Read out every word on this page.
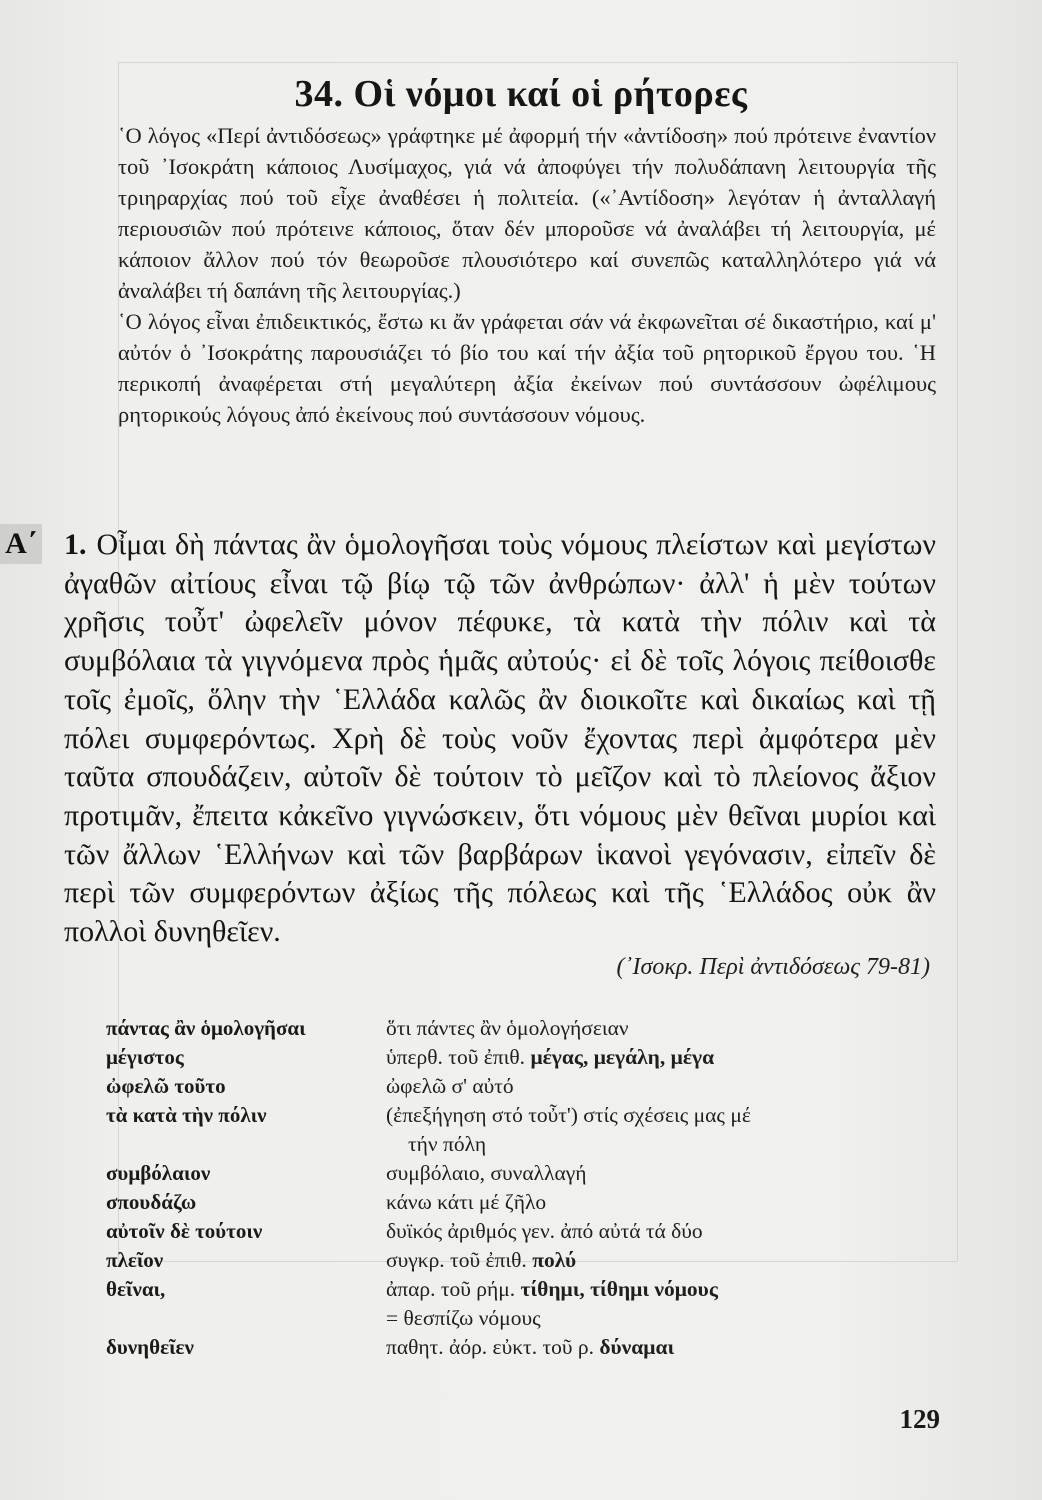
34. Οἱ νόμοι καί οἱ ρήτορες

῾Ο λόγος «Περί ἀντιδόσεως» γράφτηκε μέ ἀφορμή τήν «ἀντίδοση» πού πρότεινε ἐναντίον τοῦ ᾿Ισοκράτη κάποιος Λυσίμαχος, γιά νά ἀποφύγει τήν πολυδάπανη λειτουργία τῆς τριηραρχίας πού τοῦ εἶχε ἀναθέσει ἡ πολιτεία. («᾿Αντίδοση» λεγόταν ἡ ἀνταλλαγή περιουσιῶν πού πρότεινε κάποιος, ὅταν δέν μποροῦσε νά ἀναλάβει τή λειτουργία, μέ κάποιον ἄλλον πού τόν θεωροῦσε πλουσιότερο καί συνεπῶς καταλληλότερο γιά νά ἀναλάβει τή δαπάνη τῆς λειτουργίας.)

῾Ο λόγος εἶναι ἐπιδεικτικός, ἔστω κι ἄν γράφεται σάν νά ἐκφωνεῖται σέ δικαστήριο, καί μ' αὐτόν ὁ ᾿Ισοκράτης παρουσιάζει τό βίο του καί τήν ἀξία τοῦ ρητορικοῦ ἔργου του. ῾Η περικοπή ἀναφέρεται στή μεγαλύτερη ἀξία ἐκείνων πού συντάσσουν ὠφέλιμους ρητορικούς λόγους ἀπό ἐκείνους πού συντάσσουν νόμους.

Α΄ 1. Οἶμαι δὴ πάντας ἂν ὁμολογῆσαι τοὺς νόμους πλείστων καὶ μεγίστων ἀγαθῶν αἰτίους εἶναι τῷ βίῳ τῷ τῶν ἀνθρώπων· ἀλλ' ἡ μὲν τούτων χρῆσις τοὖτ' ὠφελεῖν μόνον πέφυκε, τὰ κατὰ τὴν πόλιν καὶ τὰ συμβόλαια τὰ γιγνόμενα πρὸς ἡμᾶς αὐτούς· εἰ δὲ τοῖς λόγοις πείθοισθε τοῖς ἐμοῖς, ὅλην τὴν ῾Ελλάδα καλῶς ἂν διοικοῖτε καὶ δικαίως καὶ τῇ πόλει συμφερόντως. Χρὴ δὲ τοὺς νοῦν ἔχοντας περὶ ἀμφότερα μὲν ταῦτα σπουδάζειν, αὐτοῖν δὲ τούτοιν τὸ μεῖζον καὶ τὸ πλείονος ἄξιον προτιμᾶν, ἔπειτα κἀκεῖνο γιγνώσκειν, ὅτι νόμους μὲν θεῖναι μυρίοι καὶ τῶν ἄλλων ῾Ελλήνων καὶ τῶν βαρβάρων ἱκανοὶ γεγόνασιν, εἰπεῖν δὲ περὶ τῶν συμφερόντων ἀξίως τῆς πόλεως καὶ τῆς ῾Ελλάδος οὐκ ἂν πολλοὶ δυνηθεῖεν.
(᾿Ισοκρ. Περὶ ἀντιδόσεως 79-81)
πάντας ἂν ὁμολογῆσαι	ὅτι πάντες ἂν ὁμολογήσειαν
μέγιστος	ὑπερθ. τοῦ ἐπιθ. μέγας, μεγάλη, μέγα
ὠφελῶ τοῦτο	ὠφελῶ σ' αὐτό
τὰ κατὰ τὴν πόλιν	(ἐπεξήγηση στό τοὖτ') στίς σχέσεις μας μέ
τήν πόλη
συμβόλαιον	συμβόλαιο, συναλλαγή
σπουδάζω	κάνω κάτι μέ ζῆλο
αὐτοῖν δὲ τούτοιν	δυϊκός ἀριθμός γεν. ἀπό αὐτά τά δύο
πλεῖον	συγκρ. τοῦ ἐπιθ. πολύ
θεῖναι,	ἀπαρ. τοῦ ρήμ. τίθημι, τίθημι νόμους
= θεσπίζω νόμους
δυνηθεῖεν	παθητ. ἀόρ. εὐκτ. τοῦ ρ. δύναμαι
129
